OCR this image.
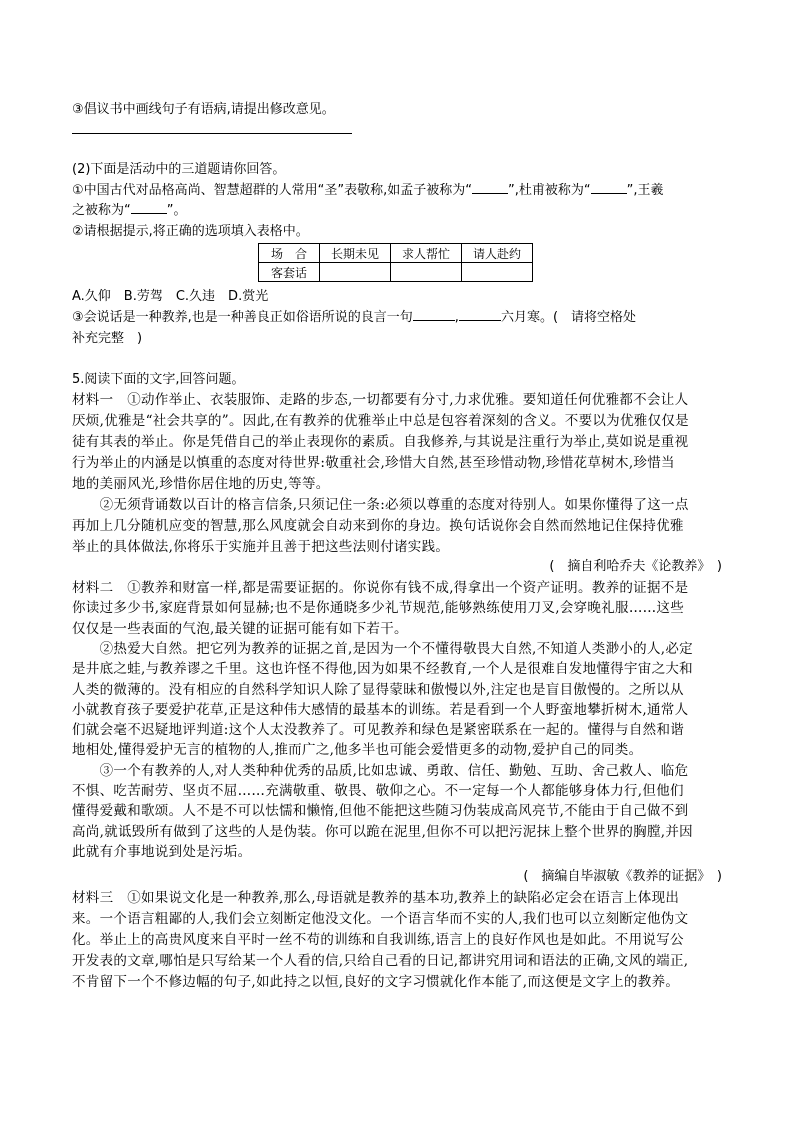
③倡议书中画线句子有语病,请提出修改意见。
(2)下面是活动中的三道题请你回答。
①中国古代对品格高尚、智慧超群的人常用“圣”表敬称,如孟子被称为“	”,杜甫被称为“	”,王羲
之被称为“	”。
②请根据提示,将正确的选项填入表格中。
场　合	长期未见	求人帮忙	请人赴约
客套话			
A.久仰　B.劳驾　C.久违　D.赏光
③会说话是一种教养,也是一种善良正如俗语所说的良言一句	,	六月寒。(　请将空格处
补充完整　)
5.阅读下面的文字,回答问题。
材料一　①动作举止、衣装服饰、走路的步态,一切都要有分寸,力求优雅。要知道任何优雅都不会让人
厌烦,优雅是“社会共享的”。因此,在有教养的优雅举止中总是包容着深刻的含义。不要以为优雅仅仅是
徒有其表的举止。你是凭借自己的举止表现你的素质。自我修养,与其说是注重行为举止,莫如说是重视
行为举止的内涵是以慎重的态度对待世界:敬重社会,珍惜大自然,甚至珍惜动物,珍惜花草树木,珍惜当
地的美丽风光,珍惜你居住地的历史,等等。
　　②无须背诵数以百计的格言信条,只须记住一条:必须以尊重的态度对待别人。如果你懂得了这一点
再加上几分随机应变的智慧,那么风度就会自动来到你的身边。换句话说你会自然而然地记住保持优雅
举止的具体做法,你将乐于实施并且善于把这些法则付诸实践。
(　摘自利哈乔夫《论教养》　)
材料二　①教养和财富一样,都是需要证据的。你说你有钱不成,得拿出一个资产证明。教养的证据不是
你读过多少书,家庭背景如何显赫;也不是你通晓多少礼节规范,能够熟练使用刀叉,会穿晚礼服……这些
仅仅是一些表面的气泡,最关键的证据可能有如下若干。
　　②热爱大自然。把它列为教养的证据之首,是因为一个不懂得敬畏大自然,不知道人类渺小的人,必定
是井底之蛙,与教养谬之千里。这也许怪不得他,因为如果不经教育,一个人是很难自发地懂得宇宙之大和
人类的微薄的。没有相应的自然科学知识人除了显得蒙昧和傲慢以外,注定也是盲目傲慢的。之所以从
小就教育孩子要爱护花草,正是这种伟大感情的最基本的训练。若是看到一个人野蛮地攀折树木,通常人
们就会毫不迟疑地评判道:这个人太没教养了。可见教养和绿色是紧密联系在一起的。懂得与自然和谐
地相处,懂得爱护无言的植物的人,推而广之,他多半也可能会爱惜更多的动物,爱护自己的同类。
　　③一个有教养的人,对人类种种优秀的品质,比如忠诚、勇敢、信任、勤勉、互助、舍己救人、临危
不惧、吃苦耐劳、坚贞不屈……充满敬重、敬畏、敬仰之心。不一定每一个人都能够身体力行,但他们
懂得爱戴和歌颂。人不是不可以怯懦和懒惰,但他不能把这些随习伪装成高风亮节,不能由于自己做不到
高尚,就诋毁所有做到了这些的人是伪装。你可以跪在泥里,但你不可以把污泥抹上整个世界的胸膛,并因
此就有介事地说到处是污垢。
(　摘编自毕淑敏《教养的证据》　)
材料三　①如果说文化是一种教养,那么,母语就是教养的基本功,教养上的缺陷必定会在语言上体现出
来。一个语言粗鄙的人,我们会立刻断定他没文化。一个语言华而不实的人,我们也可以立刻断定他伪文
化。举止上的高贵风度来自平时一丝不苟的训练和自我训练,语言上的良好作风也是如此。不用说写公
开发表的文章,哪怕是只写给某一个人看的信,只给自己看的日记,都讲究用词和语法的正确,文风的端正,
不肯留下一个不修边幅的句子,如此持之以恒,良好的文字习惯就化作本能了,而这便是文字上的教养。
